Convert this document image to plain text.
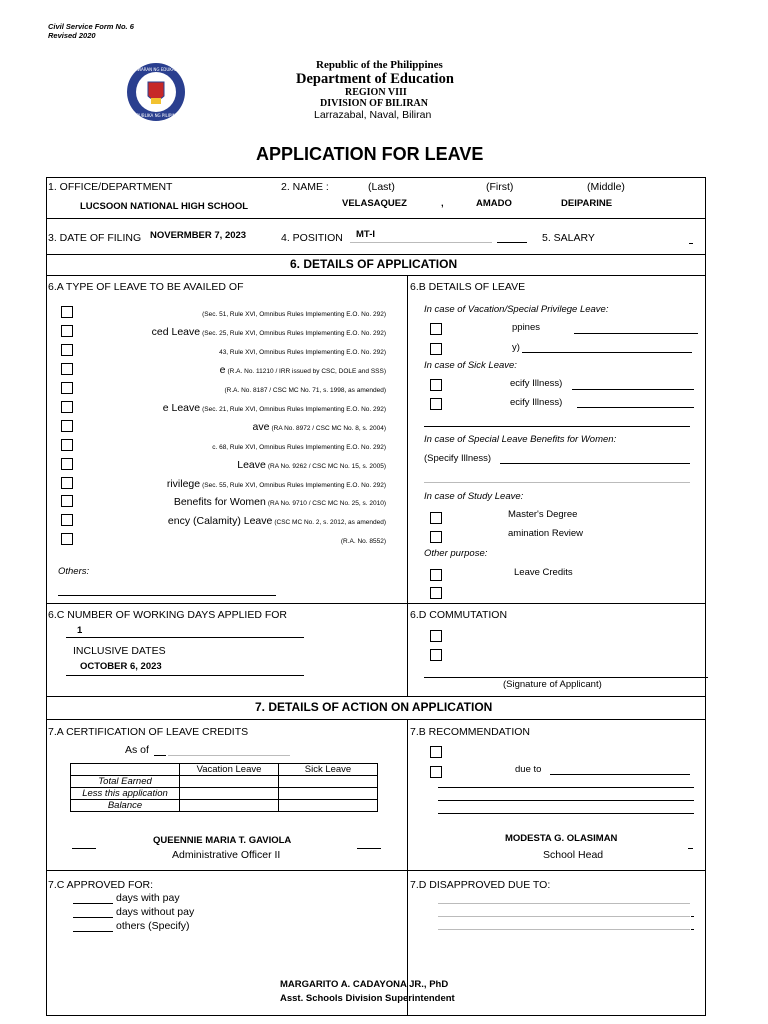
Civil Service Form No. 6
Revised 2020
KAGAWARAN NG EDUKASYON
REPUBLIKA NG PILIPINAS
Republic of the Philippines
Department of Education
REGION VIII
DIVISION OF BILIRAN
Larrazabal, Naval, Biliran
APPLICATION FOR LEAVE
1. OFFICE/DEPARTMENT
LUCSOON NATIONAL HIGH SCHOOL
2. NAME :	(Last)	(First)	(Middle)
VELASAQUEZ	,	AMADO	DEIPARINE
3. DATE OF FILING NOVERMBER 7, 2023	4. POSITION MT-I	5. SALARY
6. DETAILS OF APPLICATION
6.A TYPE OF LEAVE TO BE AVAILED OF
(Sec. 51, Rule XVI, Omnibus Rules Implementing E.O. No. 292)
ced Leave (Sec. 25, Rule XVI, Omnibus Rules Implementing E.O. No. 292)
43, Rule XVI, Omnibus Rules Implementing E.O. No. 292)
e (R.A. No. 11210 / IRR issued by CSC, DOLE and SSS)
(R.A. No. 8187 / CSC MC No. 71, s. 1998, as amended)
e Leave (Sec. 21, Rule XVI, Omnibus Rules Implementing E.O. No. 292)
ave (RA No. 8972 / CSC MC No. 8, s. 2004)
c. 68, Rule XVI, Omnibus Rules Implementing E.O. No. 292)
Leave (RA No. 9262 / CSC MC No. 15, s. 2005)
rivilege (Sec. 55, Rule XVI, Omnibus Rules Implementing E.O. No. 292)
Benefits for Women (RA No. 9710 / CSC MC No. 25, s. 2010)
ency (Calamity) Leave (CSC MC No. 2, s. 2012, as amended)
(R.A. No. 8552)
Others:
6.B DETAILS OF LEAVE
In case of Vacation/Special Privilege Leave:
ppines
y)
In case of Sick Leave:
ecify Illness)
ecify Illness)
In case of Special Leave Benefits for Women:
(Specify Illness)
In case of Study Leave:
Master's Degree
amination Review
Other purpose:
Leave Credits
6.C NUMBER OF WORKING DAYS APPLIED FOR
1
INCLUSIVE DATES
OCTOBER 6, 2023
6.D COMMUTATION
(Signature of Applicant)
7. DETAILS OF ACTION ON APPLICATION
7.A CERTIFICATION OF LEAVE CREDITS
As of
	Vacation Leave	Sick Leave
Total Earned		
Less this application		
Balance		
QUEENNIE MARIA T. GAVIOLA
Administrative Officer II
7.B RECOMMENDATION
due to
MODESTA G. OLASIMAN
School Head
7.C APPROVED FOR:
days with pay
days without pay
others (Specify)
7.D DISAPPROVED DUE TO:
MARGARITO A. CADAYONA JR., PhD
Asst. Schools Division Superintendent
